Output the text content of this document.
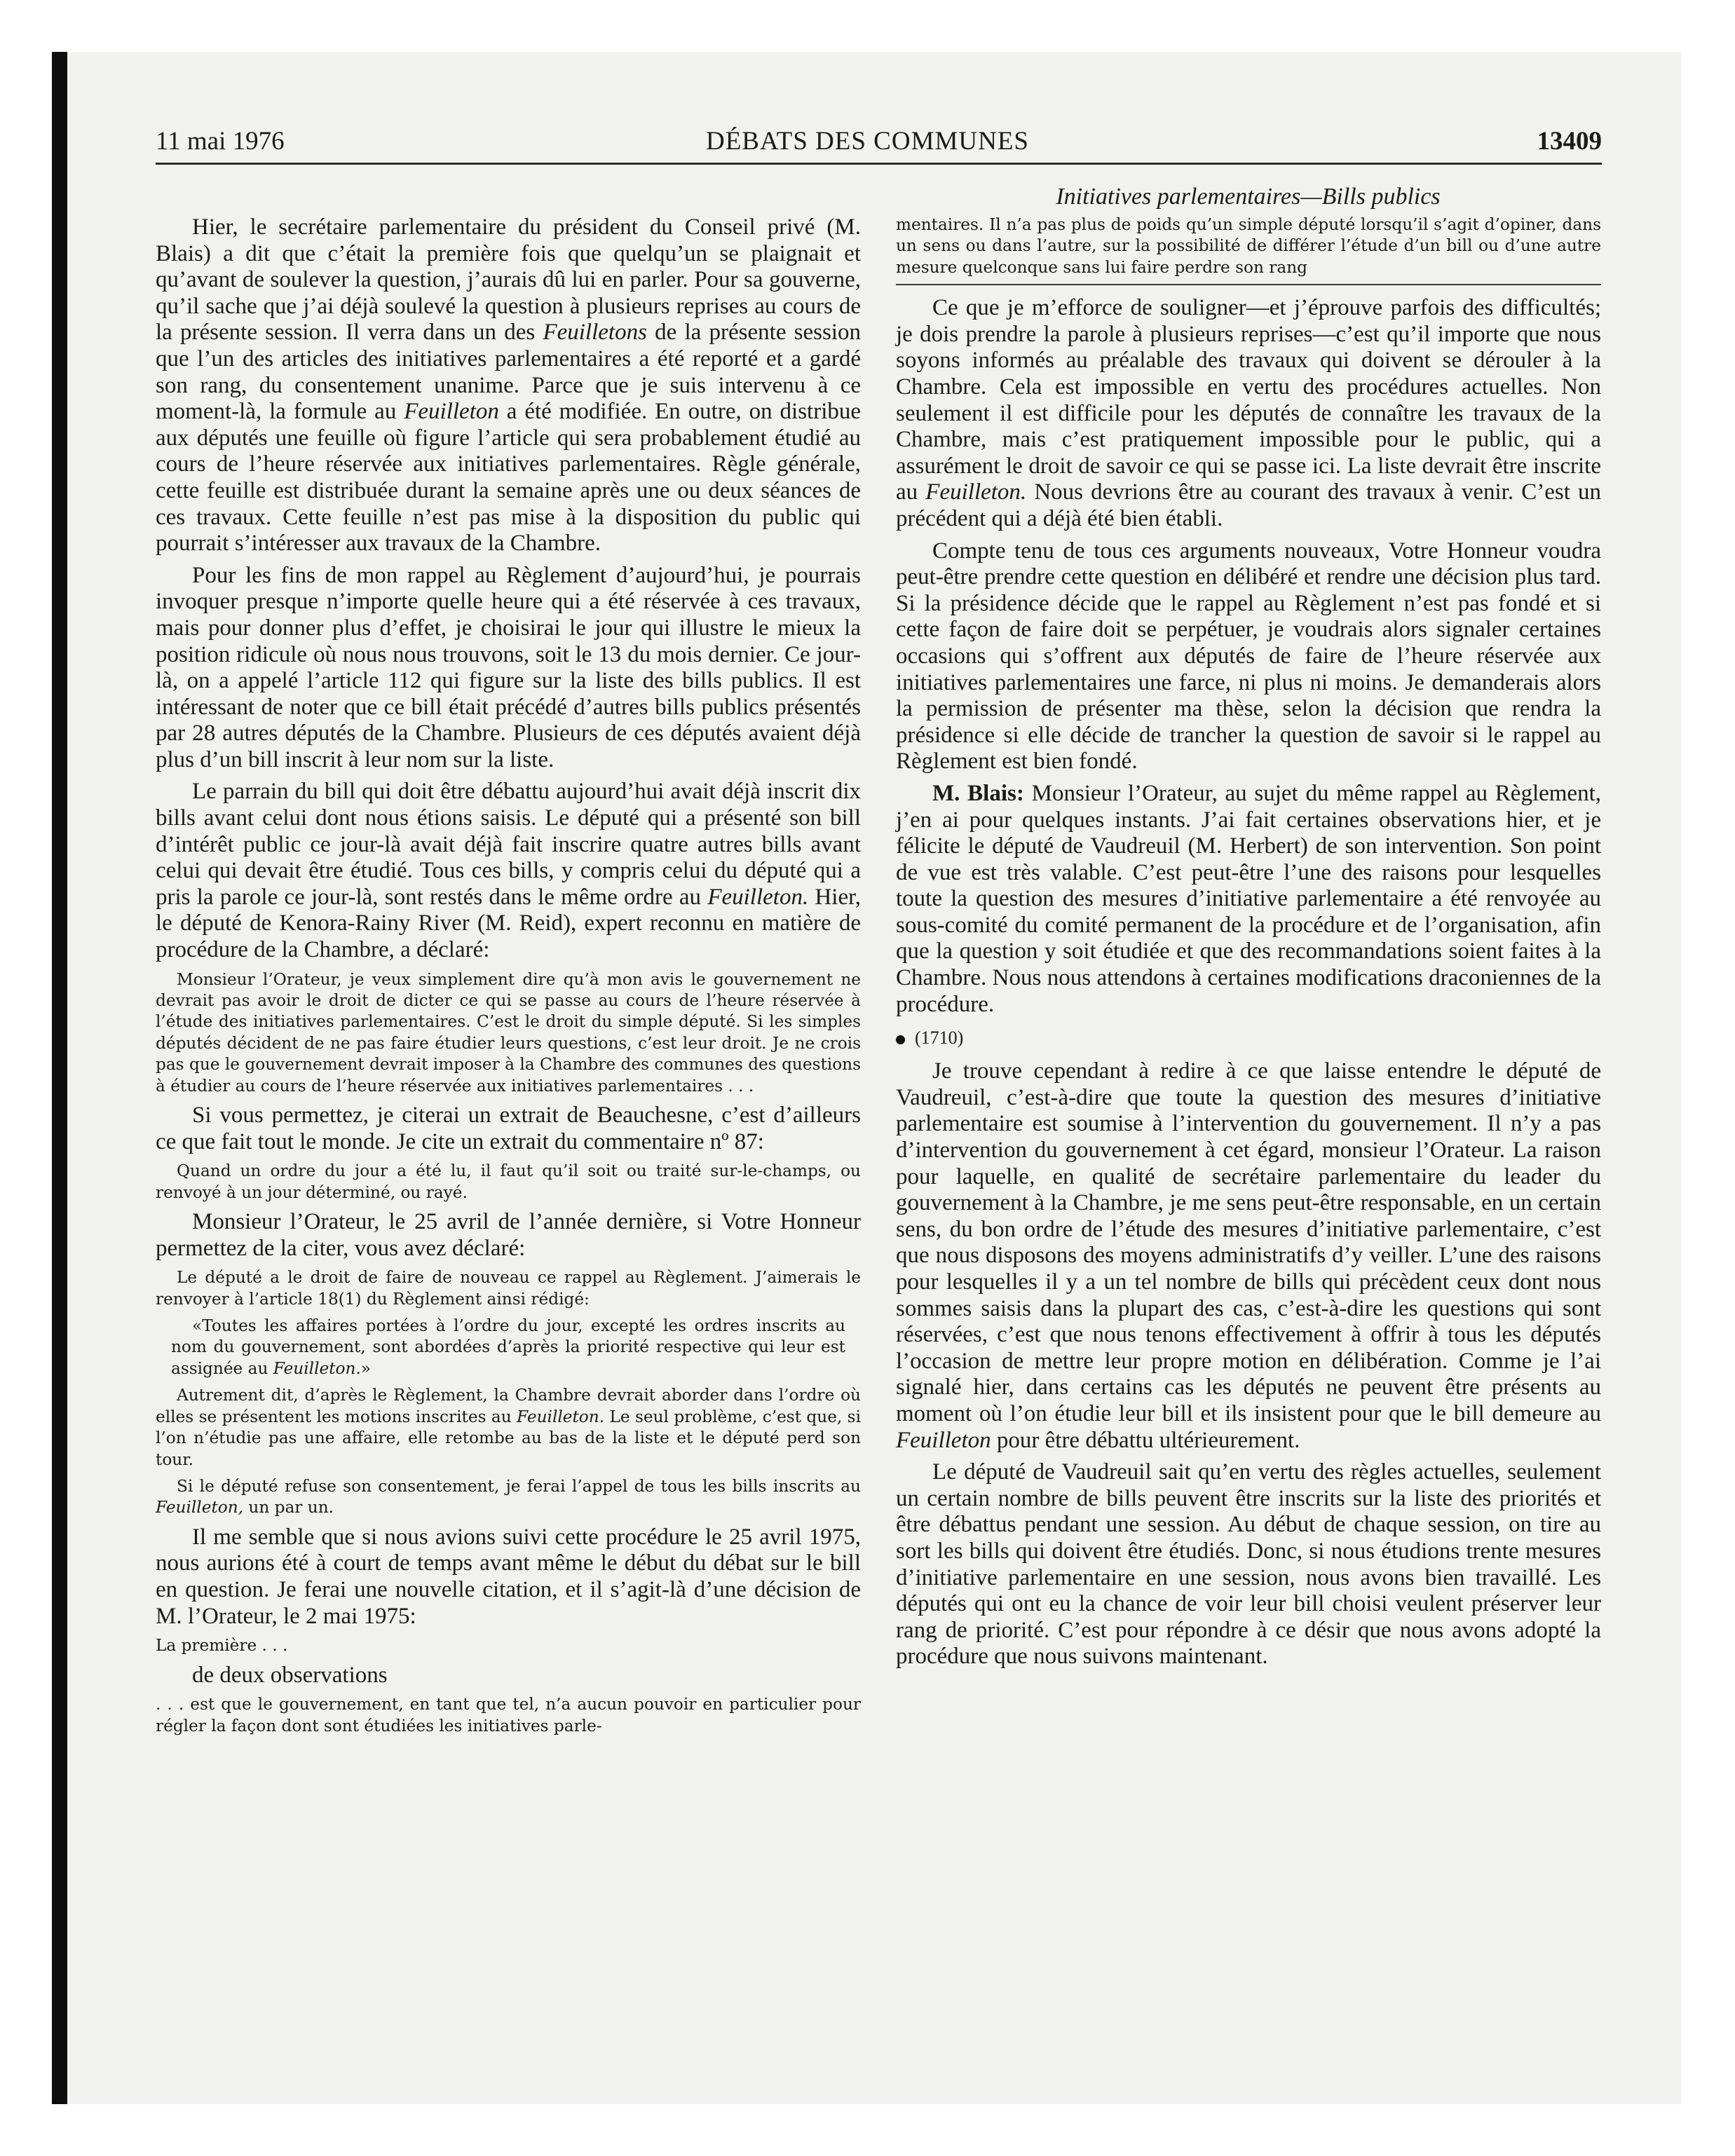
11 mai 1976	DÉBATS DES COMMUNES	13409
Initiatives parlementaires—Bills publics

Hier, le secrétaire parlementaire du président du Conseil privé (M. Blais) a dit que c’était la première fois que quelqu’un se plaignait et qu’avant de soulever la question, j’aurais dû lui en parler. Pour sa gouverne, qu’il sache que j’ai déjà soulevé la question à plusieurs reprises au cours de la présente session. Il verra dans un des Feuilletons de la présente session que l’un des articles des initiatives parlementaires a été reporté et a gardé son rang, du consentement unanime. Parce que je suis intervenu à ce moment-là, la formule au Feuilleton a été modifiée. En outre, on distribue aux députés une feuille où figure l’article qui sera probablement étudié au cours de l’heure réservée aux initiatives parlementaires. Règle générale, cette feuille est distribuée durant la semaine après une ou deux séances de ces travaux. Cette feuille n’est pas mise à la disposition du public qui pourrait s’intéresser aux travaux de la Chambre.

Pour les fins de mon rappel au Règlement d’aujourd’hui, je pourrais invoquer presque n’importe quelle heure qui a été réservée à ces travaux, mais pour donner plus d’effet, je choisirai le jour qui illustre le mieux la position ridicule où nous nous trouvons, soit le 13 du mois dernier. Ce jour-là, on a appelé l’article 112 qui figure sur la liste des bills publics. Il est intéressant de noter que ce bill était précédé d’autres bills publics présentés par 28 autres députés de la Chambre. Plusieurs de ces députés avaient déjà plus d’un bill inscrit à leur nom sur la liste.

Le parrain du bill qui doit être débattu aujourd’hui avait déjà inscrit dix bills avant celui dont nous étions saisis. Le député qui a présenté son bill d’intérêt public ce jour-là avait déjà fait inscrire quatre autres bills avant celui qui devait être étudié. Tous ces bills, y compris celui du député qui a pris la parole ce jour-là, sont restés dans le même ordre au Feuilleton. Hier, le député de Kenora-Rainy River (M. Reid), expert reconnu en matière de procédure de la Chambre, a déclaré:

Monsieur l’Orateur, je veux simplement dire qu’à mon avis le gouvernement ne devrait pas avoir le droit de dicter ce qui se passe au cours de l’heure réservée à l’étude des initiatives parlementaires. C’est le droit du simple député. Si les simples députés décident de ne pas faire étudier leurs questions, c’est leur droit. Je ne crois pas que le gouvernement devrait imposer à la Chambre des communes des questions à étudier au cours de l’heure réservée aux initiatives parlementaires . . .

Si vous permettez, je citerai un extrait de Beauchesne, c’est d’ailleurs ce que fait tout le monde. Je cite un extrait du commentaire nº 87:

Quand un ordre du jour a été lu, il faut qu’il soit ou traité sur-le-champs, ou renvoyé à un jour déterminé, ou rayé.

Monsieur l’Orateur, le 25 avril de l’année dernière, si Votre Honneur permettez de la citer, vous avez déclaré:

Le député a le droit de faire de nouveau ce rappel au Règlement. J’aimerais le renvoyer à l’article 18(1) du Règlement ainsi rédigé:

«Toutes les affaires portées à l’ordre du jour, excepté les ordres inscrits au nom du gouvernement, sont abordées d’après la priorité respective qui leur est assignée au Feuilleton.»

Autrement dit, d’après le Règlement, la Chambre devrait aborder dans l’ordre où elles se présentent les motions inscrites au Feuilleton. Le seul problème, c’est que, si l’on n’étudie pas une affaire, elle retombe au bas de la liste et le député perd son tour.

Si le député refuse son consentement, je ferai l’appel de tous les bills inscrits au Feuilleton, un par un.

Il me semble que si nous avions suivi cette procédure le 25 avril 1975, nous aurions été à court de temps avant même le début du débat sur le bill en question. Je ferai une nouvelle citation, et il s’agit-là d’une décision de M. l’Orateur, le 2 mai 1975:

La première . . .

de deux observations

. . . est que le gouvernement, en tant que tel, n’a aucun pouvoir en particulier pour régler la façon dont sont étudiées les initiatives parle-

mentaires. Il n’a pas plus de poids qu’un simple député lorsqu’il s’agit d’opiner, dans un sens ou dans l’autre, sur la possibilité de différer l’étude d’un bill ou d’une autre mesure quelconque sans lui faire perdre son rang

Ce que je m’efforce de souligner—et j’éprouve parfois des difficultés; je dois prendre la parole à plusieurs reprises—c’est qu’il importe que nous soyons informés au préalable des travaux qui doivent se dérouler à la Chambre. Cela est impossible en vertu des procédures actuelles. Non seulement il est difficile pour les députés de connaître les travaux de la Chambre, mais c’est pratiquement impossible pour le public, qui a assurément le droit de savoir ce qui se passe ici. La liste devrait être inscrite au Feuilleton. Nous devrions être au courant des travaux à venir. C’est un précédent qui a déjà été bien établi.

Compte tenu de tous ces arguments nouveaux, Votre Honneur voudra peut-être prendre cette question en délibéré et rendre une décision plus tard. Si la présidence décide que le rappel au Règlement n’est pas fondé et si cette façon de faire doit se perpétuer, je voudrais alors signaler certaines occasions qui s’offrent aux députés de faire de l’heure réservée aux initiatives parlementaires une farce, ni plus ni moins. Je demanderais alors la permission de présenter ma thèse, selon la décision que rendra la présidence si elle décide de trancher la question de savoir si le rappel au Règlement est bien fondé.

M. Blais: Monsieur l’Orateur, au sujet du même rappel au Règlement, j’en ai pour quelques instants. J’ai fait certaines observations hier, et je félicite le député de Vaudreuil (M. Herbert) de son intervention. Son point de vue est très valable. C’est peut-être l’une des raisons pour lesquelles toute la question des mesures d’initiative parlementaire a été renvoyée au sous-comité du comité permanent de la procédure et de l’organisation, afin que la question y soit étudiée et que des recommandations soient faites à la Chambre. Nous nous attendons à certaines modifications draconiennes de la procédure.

(1710)

Je trouve cependant à redire à ce que laisse entendre le député de Vaudreuil, c’est-à-dire que toute la question des mesures d’initiative parlementaire est soumise à l’intervention du gouvernement. Il n’y a pas d’intervention du gouvernement à cet égard, monsieur l’Orateur. La raison pour laquelle, en qualité de secrétaire parlementaire du leader du gouvernement à la Chambre, je me sens peut-être responsable, en un certain sens, du bon ordre de l’étude des mesures d’initiative parlementaire, c’est que nous disposons des moyens administratifs d’y veiller. L’une des raisons pour lesquelles il y a un tel nombre de bills qui précèdent ceux dont nous sommes saisis dans la plupart des cas, c’est-à-dire les questions qui sont réservées, c’est que nous tenons effectivement à offrir à tous les députés l’occasion de mettre leur propre motion en délibération. Comme je l’ai signalé hier, dans certains cas les députés ne peuvent être présents au moment où l’on étudie leur bill et ils insistent pour que le bill demeure au Feuilleton pour être débattu ultérieurement.

Le député de Vaudreuil sait qu’en vertu des règles actuelles, seulement un certain nombre de bills peuvent être inscrits sur la liste des priorités et être débattus pendant une session. Au début de chaque session, on tire au sort les bills qui doivent être étudiés. Donc, si nous étudions trente mesures d’initiative parlementaire en une session, nous avons bien travaillé. Les députés qui ont eu la chance de voir leur bill choisi veulent préserver leur rang de priorité. C’est pour répondre à ce désir que nous avons adopté la procédure que nous suivons maintenant.
